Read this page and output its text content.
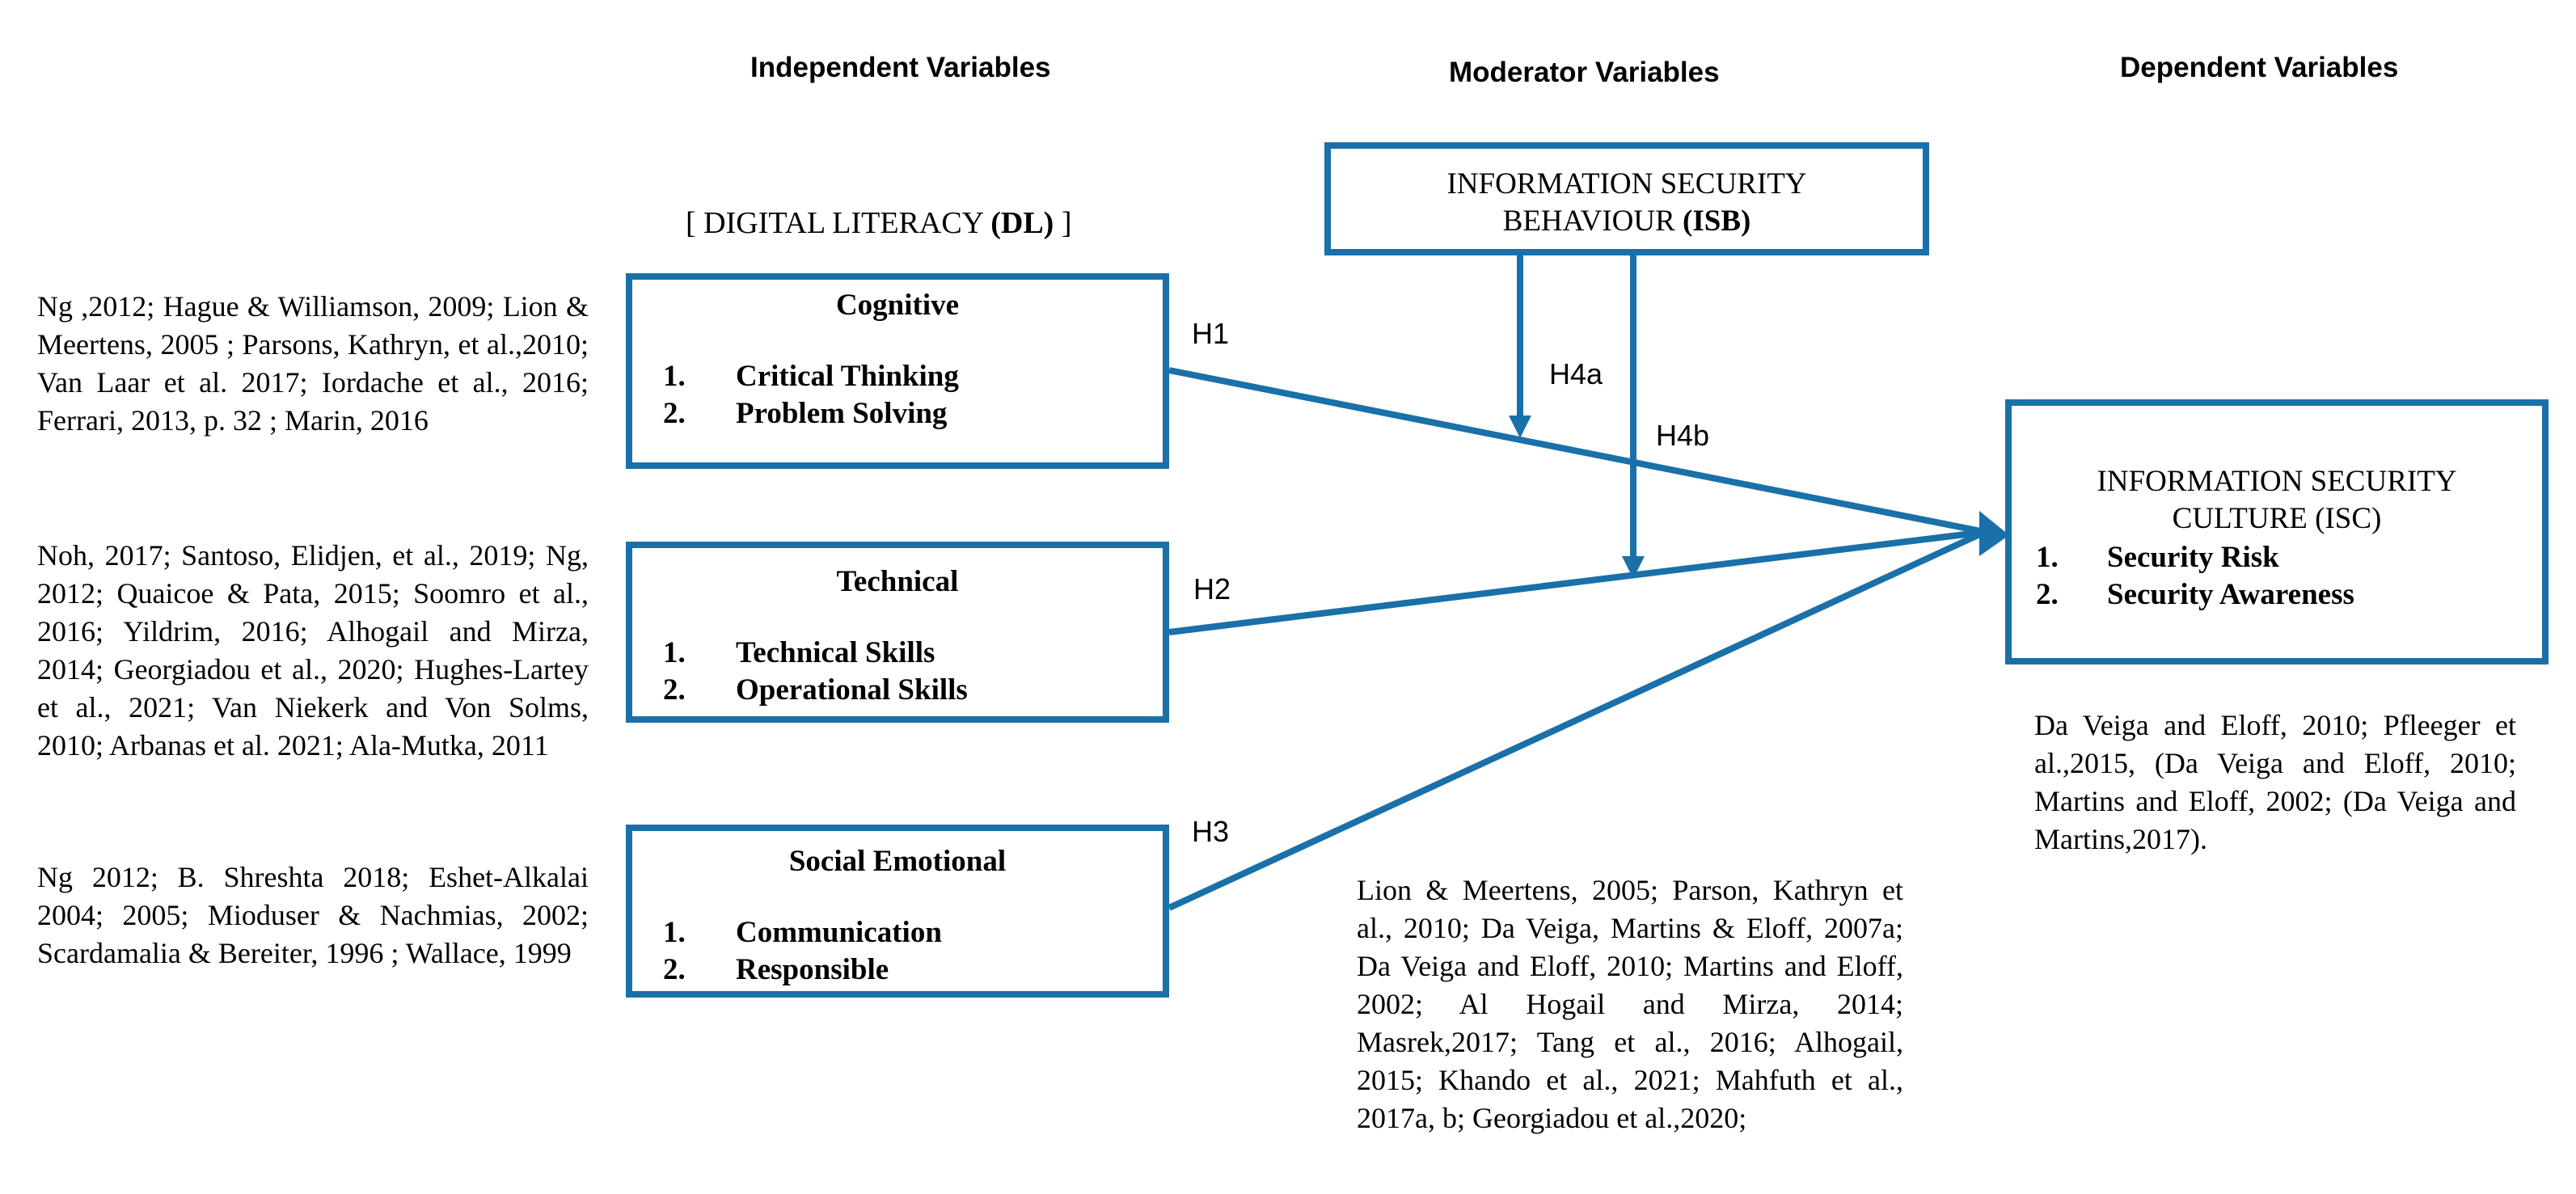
Independent Variables	Moderator Variables	Dependent Variables
[ DIGITAL LITERACY (DL) ]
Cognitive
1. Critical Thinking
2. Problem Solving
Technical
1. Technical Skills
2. Operational Skills
Social Emotional
1. Communication
2. Responsible
INFORMATION SECURITY
BEHAVIOUR (ISB)
INFORMATION SECURITY
CULTURE (ISC)
1. Security Risk
2. Security Awareness
H1
H2
H3
H4a
H4b
Ng ,2012; Hague & Williamson, 2009; Lion & Meertens, 2005 ; Parsons, Kathryn, et al.,2010; Van Laar et al. 2017; Iordache et al., 2016; Ferrari, 2013, p. 32 ; Marin, 2016
Noh, 2017; Santoso, Elidjen, et al., 2019; Ng, 2012; Quaicoe & Pata, 2015; Soomro et al., 2016; Yildrim, 2016; Alhogail and Mirza, 2014; Georgiadou et al., 2020; Hughes-Lartey et al., 2021; Van Niekerk and Von Solms, 2010; Arbanas et al. 2021; Ala-Mutka, 2011
Ng 2012; B. Shreshta 2018; Eshet-Alkalai 2004; 2005; Mioduser & Nachmias, 2002; Scardamalia & Bereiter, 1996 ; Wallace, 1999
Lion & Meertens, 2005; Parson, Kathryn et al., 2010; Da Veiga, Martins & Eloff, 2007a; Da Veiga and Eloff, 2010; Martins and Eloff, 2002; Al Hogail and Mirza, 2014; Masrek,2017; Tang et al., 2016; Alhogail, 2015; Khando et al., 2021; Mahfuth et al., 2017a, b; Georgiadou et al.,2020;
Da Veiga and Eloff, 2010; Pfleeger et al.,2015, (Da Veiga and Eloff, 2010; Martins and Eloff, 2002; (Da Veiga and Martins,2017).
